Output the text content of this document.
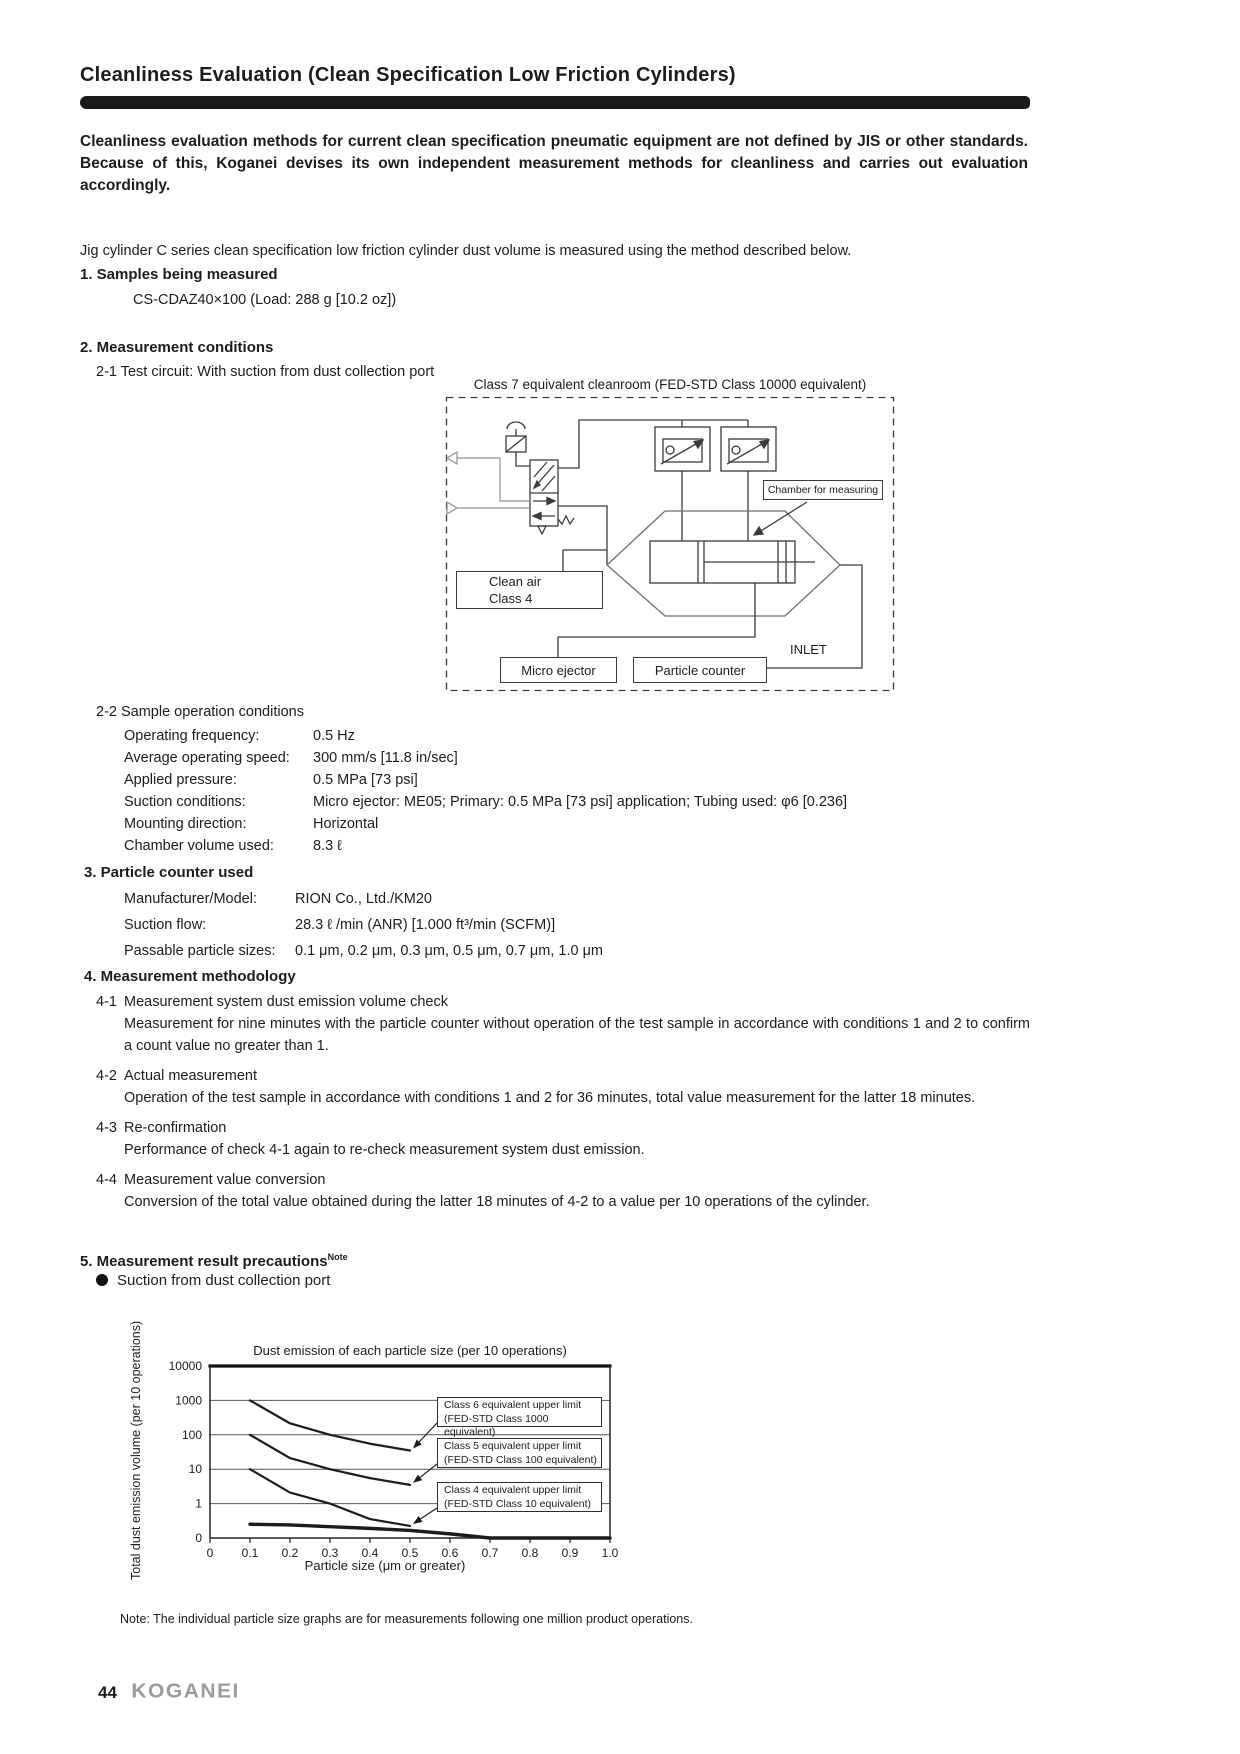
Cleanliness Evaluation (Clean Specification Low Friction Cylinders)
Cleanliness evaluation methods for current clean specification pneumatic equipment are not defined by JIS or other standards. Because of this, Koganei devises its own independent measurement methods for cleanliness and carries out evaluation accordingly.
Jig cylinder C series clean specification low friction cylinder dust volume is measured using the method described below.
1. Samples being measured
CS-CDAZ40×100 (Load: 288 g [10.2 oz])
2. Measurement conditions
2-1 Test circuit: With suction from dust collection port
Class 7 equivalent cleanroom (FED-STD Class 10000 equivalent)
Chamber for measuring
Clean air
Class 4
Micro ejector	Particle counter
INLET
2-2 Sample operation conditions
Operating frequency:	0.5 Hz
Average operating speed:	300 mm/s [11.8 in/sec]
Applied pressure:	0.5 MPa [73 psi]
Suction conditions:	Micro ejector: ME05; Primary: 0.5 MPa [73 psi] application; Tubing used: φ6 [0.236]
Mounting direction:	Horizontal
Chamber volume used:	8.3 ℓ
3. Particle counter used
Manufacturer/Model:	RION Co., Ltd./KM20
Suction flow:	28.3 ℓ /min (ANR) [1.000 ft³/min (SCFM)]
Passable particle sizes:	0.1 μm, 0.2 μm, 0.3 μm, 0.5 μm, 0.7 μm, 1.0 μm
4. Measurement methodology
4-1 Measurement system dust emission volume check
Measurement for nine minutes with the particle counter without operation of the test sample in accordance with conditions 1 and 2 to confirm a count value no greater than 1.
4-2 Actual measurement
Operation of the test sample in accordance with conditions 1 and 2 for 36 minutes, total value measurement for the latter 18 minutes.
4-3 Re-confirmation
Performance of check 4-1 again to re-check measurement system dust emission.
4-4 Measurement value conversion
Conversion of the total value obtained during the latter 18 minutes of 4-2 to a value per 10 operations of the cylinder.
5. Measurement result precautions$^{Note}$
Suction from dust collection port
Total dust emission volume (per 10 operations)	Dust emission of each particle size (per 10 operations)
10000
1000
100
10
1
0
0 0.1 0.2 0.3 0.4 0.5 0.6 0.7 0.8 0.9 1.0
Class 6 equivalent upper limit
(FED-STD Class 1000 equivalent)
Class 5 equivalent upper limit
(FED-STD Class 100 equivalent)
Class 4 equivalent upper limit
(FED-STD Class 10 equivalent)
Particle size (μm or greater)
Note: The individual particle size graphs are for measurements following one million product operations.
44 KOGANEI
